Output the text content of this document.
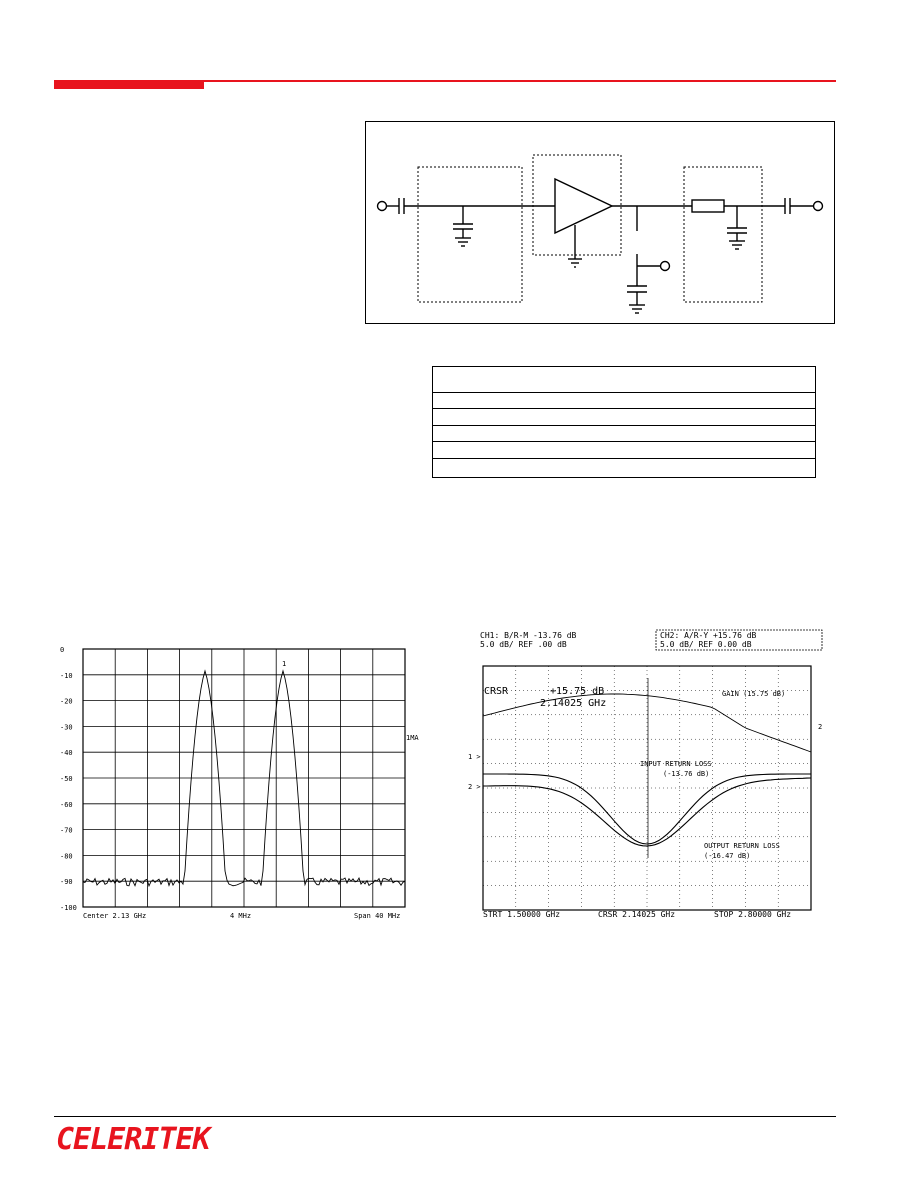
0
-10
-20
-30
-40
-50
-60
-70
-80
-90
-100
1MA
1
Center 2.13 GHz	4 MHz	Span 40 MHz
CH1: B/R-M -13.76 dB
5.0 dB/ REF .00 dB
CH2: A/R-Y +15.76 dB
5.0 dB/ REF 0.00 dB
CRSR	+15.75 dB
2.14025 GHz
GAIN (15.75 dB)
INPUT RETURN LOSS
(-13.76 dB)
OUTPUT RETURN LOSS
(-16.47 dB)
1 >
2 >
2
STRT 1.50000 GHz	CRSR 2.14025 GHz	STOP 2.80000 GHz
CELERITEK
